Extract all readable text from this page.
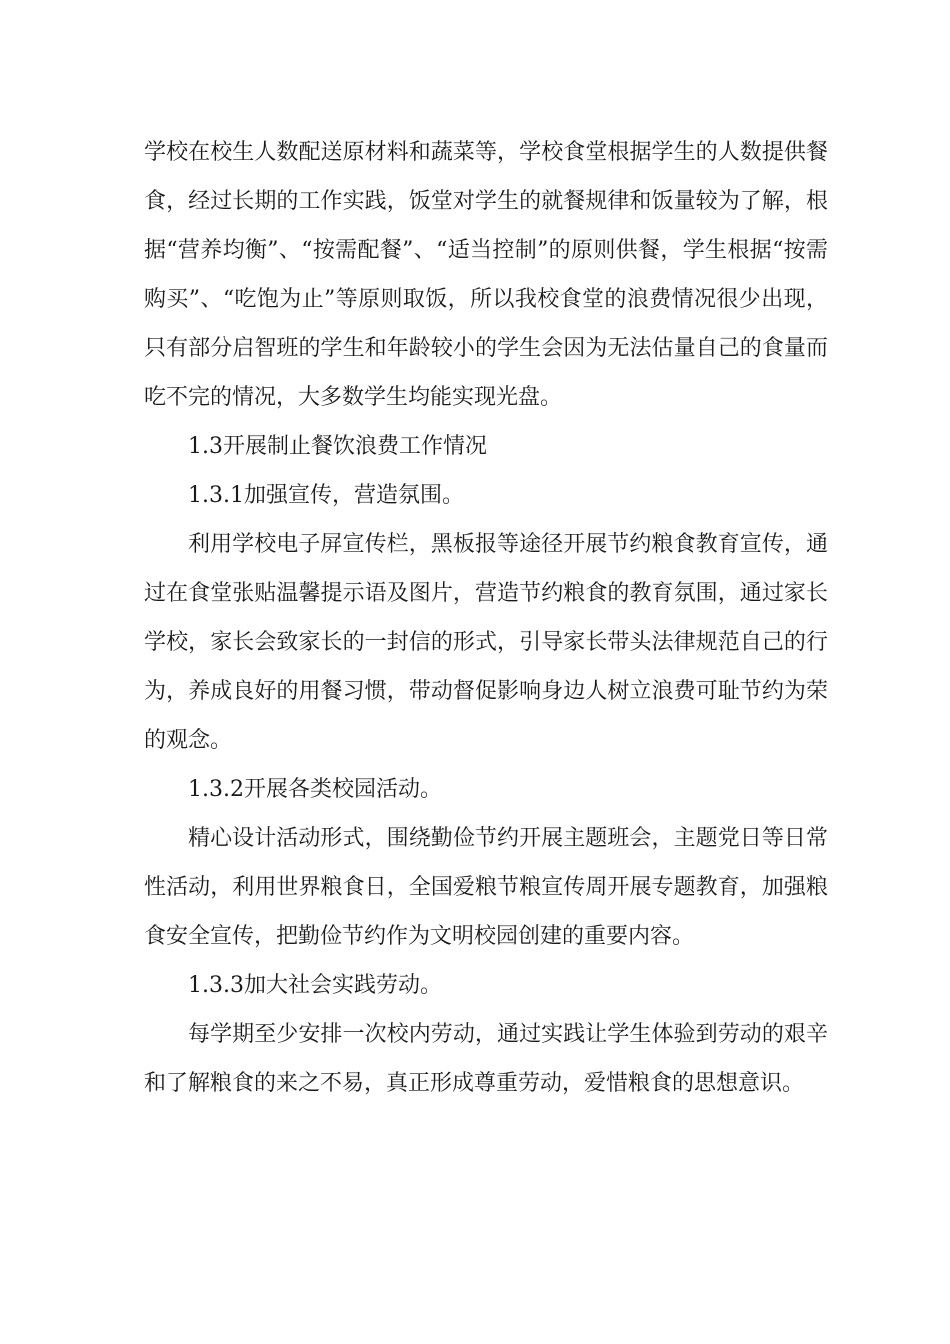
学校在校生人数配送原材料和蔬菜等，学校食堂根据学生的人数提供餐食，经过长期的工作实践，饭堂对学生的就餐规律和饭量较为了解，根据“营养均衡”、“按需配餐”、“适当控制”的原则供餐，学生根据“按需购买”、“吃饱为止”等原则取饭，所以我校食堂的浪费情况很少出现，只有部分启智班的学生和年龄较小的学生会因为无法估量自己的食量而吃不完的情况，大多数学生均能实现光盘。

1.3开展制止餐饮浪费工作情况

1.3.1加强宣传，营造氛围。

利用学校电子屏宣传栏，黑板报等途径开展节约粮食教育宣传，通过在食堂张贴温馨提示语及图片，营造节约粮食的教育氛围，通过家长学校，家长会致家长的一封信的形式，引导家长带头法律规范自己的行为，养成良好的用餐习惯，带动督促影响身边人树立浪费可耻节约为荣的观念。

1.3.2开展各类校园活动。

精心设计活动形式，围绕勤俭节约开展主题班会，主题党日等日常性活动，利用世界粮食日，全国爱粮节粮宣传周开展专题教育，加强粮食安全宣传，把勤俭节约作为文明校园创建的重要内容。

1.3.3加大社会实践劳动。

每学期至少安排一次校内劳动，通过实践让学生体验到劳动的艰辛和了解粮食的来之不易，真正形成尊重劳动，爱惜粮食的思想意识。
